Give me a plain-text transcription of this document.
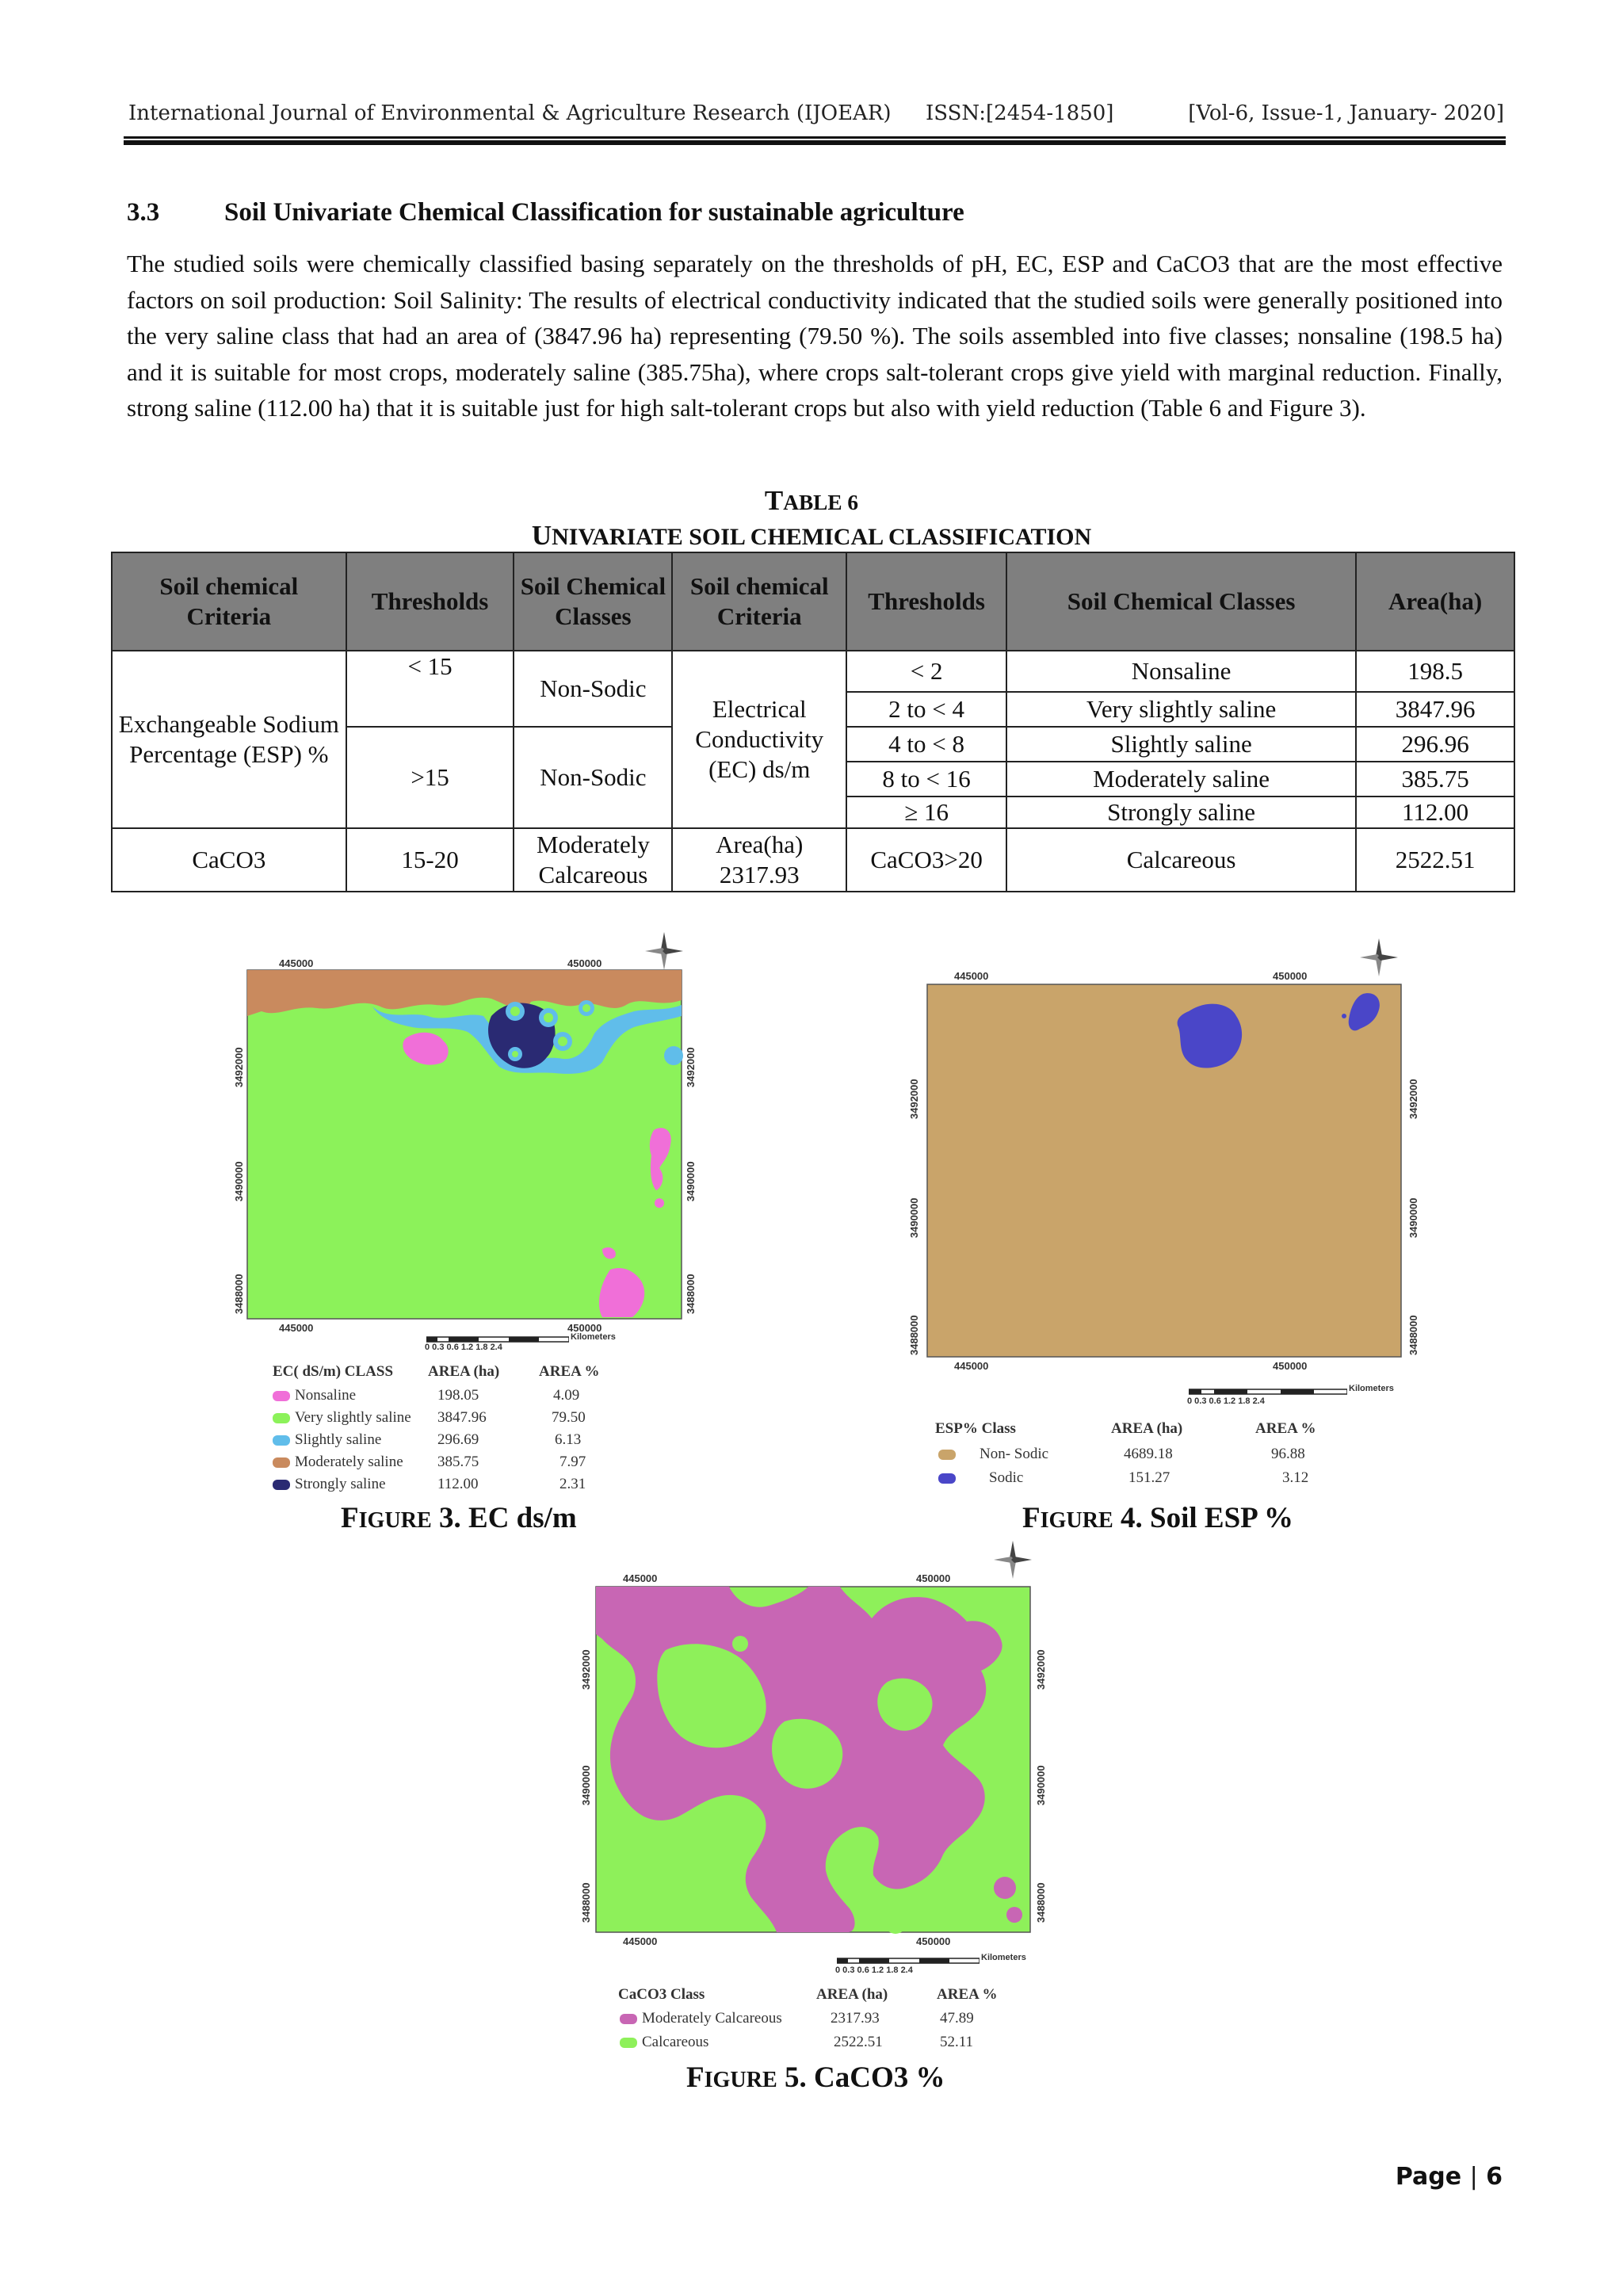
International Journal of Environmental & Agriculture Research (IJOEAR) ISSN:[2454-1850]	[Vol-6, Issue-1, January- 2020]
3.3 Soil Univariate Chemical Classification for sustainable agriculture
The studied soils were chemically classified basing separately on the thresholds of pH, EC, ESP and CaCO3 that are the most effective factors on soil production: Soil Salinity: The results of electrical conductivity indicated that the studied soils were generally positioned into the very saline class that had an area of (3847.96 ha) representing (79.50 %). The soils assembled into five classes; nonsaline (198.5 ha) and it is suitable for most crops, moderately saline (385.75ha), where crops salt-tolerant crops give yield with marginal reduction. Finally, strong saline (112.00 ha) that it is suitable just for high salt-tolerant crops but also with yield reduction (Table 6 and Figure 3).
TABLE 6
UNIVARIATE SOIL CHEMICAL CLASSIFICATION
Soil chemical Criteria	Thresholds	Soil Chemical Classes	Soil chemical Criteria	Thresholds	Soil Chemical Classes	Area(ha)
Exchangeable Sodium Percentage (ESP) %	< 15	Non-Sodic	Electrical Conductivity (EC) ds/m	< 2	Nonsaline	198.5
				2 to < 4	Very slightly saline	3847.96
	>15	Non-Sodic		4 to < 8	Slightly saline	296.96
				8 to < 16	Moderately saline	385.75
				≥ 16	Strongly saline	112.00
CaCO3	15-20	Moderately Calcareous	Area(ha) 2317.93	CaCO3>20	Calcareous	2522.51
445000	450000
445000	450000
3492000
3490000
3488000
3492000
3490000
3488000
0 0.3 0.6 1.2 1.8 2.4
Kilometers
EC( dS/m) CLASS AREA (ha)	AREA %
Nonsaline	198.05	4.09
Very slightly saline 3847.96	79.50
Slightly saline	296.69	6.13
Moderately saline 385.75	7.97
Strongly saline	112.00	2.31
FIGURE 3. EC ds/m
445000	450000
445000	450000
3492000
3490000
3488000
3492000
3490000
3488000
0 0.3 0.6 1.2 1.8 2.4
Kilometers
ESP% Class	AREA (ha)	AREA %
Non- Sodic	4689.18	96.88
Sodic	151.27	3.12
FIGURE 4. Soil ESP %
445000	450000
445000	450000
3492000
3490000
3488000
3492000
3490000
3488000
0 0.3 0.6 1.2 1.8 2.4
Kilometers
CaCO3 Class	AREA (ha)	AREA %
Moderately Calcareous	2317.93	47.89
Calcareous	2522.51	52.11
FIGURE 5. CaCO3 %
Page | 6
